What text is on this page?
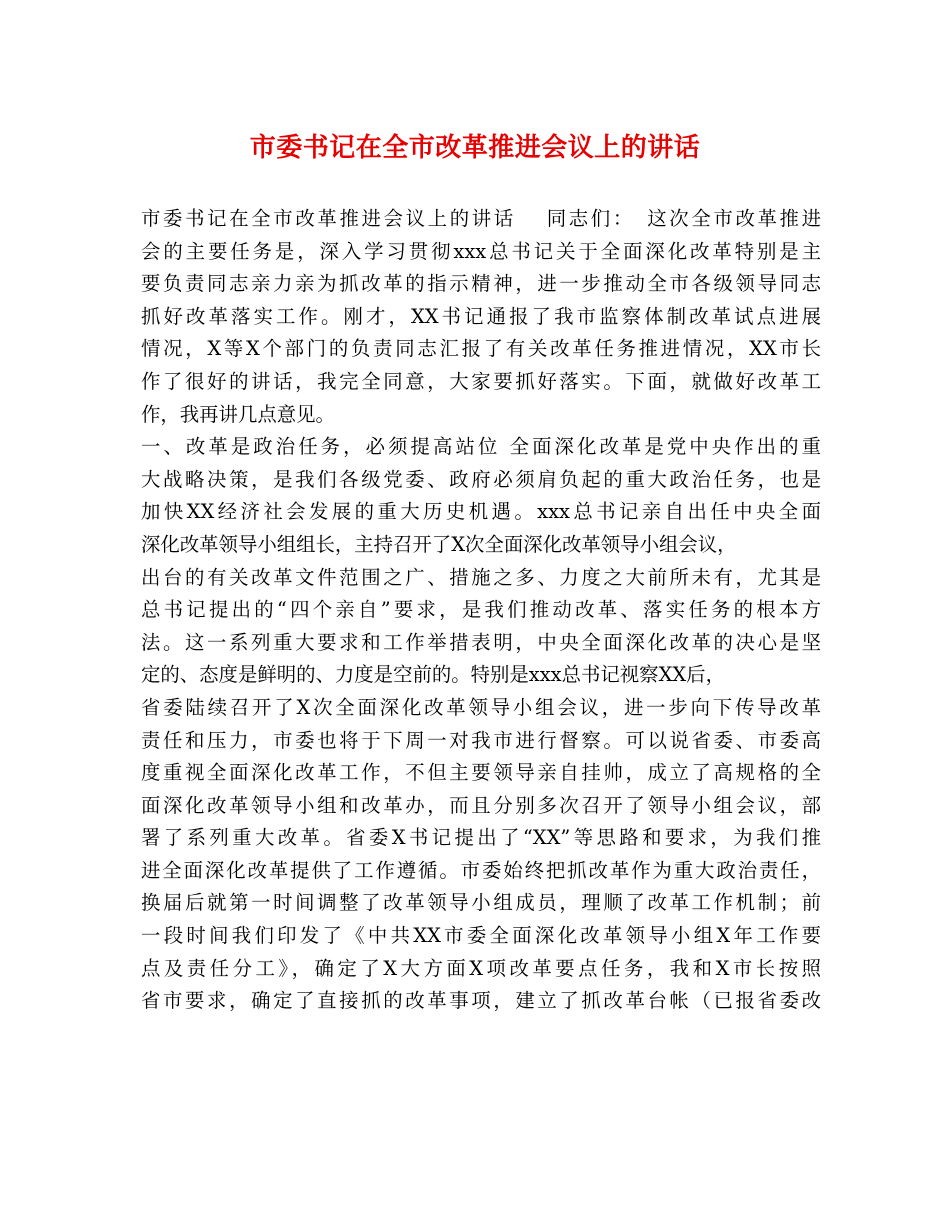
市委书记在全市改革推进会议上的讲话
市委书记在全市改革推进会议上的讲话　 同志们：　这次全市改革推进
会的主要任务是，深入学习贯彻xxx总书记关于全面深化改革特别是主
要负责同志亲力亲为抓改革的指示精神，进一步推动全市各级领导同志
抓好改革落实工作。刚才，XX书记通报了我市监察体制改革试点进展
情况，X等X个部门的负责同志汇报了有关改革任务推进情况，XX市长
作了很好的讲话，我完全同意，大家要抓好落实。下面，就做好改革工
作，我再讲几点意见。
一、改革是政治任务，必须提高站位 全面深化改革是党中央作出的重
大战略决策，是我们各级党委、政府必须肩负起的重大政治任务，也是
加快XX经济社会发展的重大历史机遇。xxx总书记亲自出任中央全面
深化改革领导小组组长，主持召开了X次全面深化改革领导小组会议，
出台的有关改革文件范围之广、措施之多、力度之大前所未有，尤其是
总书记提出的“四个亲自”要求，是我们推动改革、落实任务的根本方
法。这一系列重大要求和工作举措表明，中央全面深化改革的决心是坚
定的、态度是鲜明的、力度是空前的。特别是xxx总书记视察XX后，
省委陆续召开了X次全面深化改革领导小组会议，进一步向下传导改革
责任和压力，市委也将于下周一对我市进行督察。可以说省委、市委高
度重视全面深化改革工作，不但主要领导亲自挂帅，成立了高规格的全
面深化改革领导小组和改革办，而且分别多次召开了领导小组会议，部
署了系列重大改革。省委X书记提出了“XX”等思路和要求，为我们推
进全面深化改革提供了工作遵循。市委始终把抓改革作为重大政治责任，
换届后就第一时间调整了改革领导小组成员，理顺了改革工作机制；前
一段时间我们印发了《中共XX市委全面深化改革领导小组X年工作要
点及责任分工》，确定了X大方面X项改革要点任务，我和X市长按照
省市要求，确定了直接抓的改革事项，建立了抓改革台帐（已报省委改
